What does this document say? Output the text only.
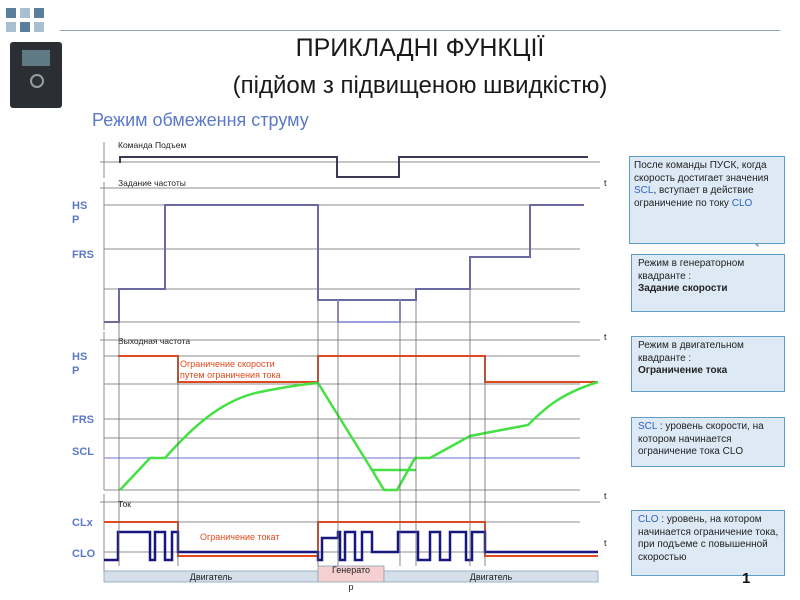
ПРИКЛАДНІ ФУНКЦІЇ
(підйом з підвищеною швидкістю)
Режим обмеження струму
Команда Подъем
Задание частоты	t
HS
P
FRS
Выходная частота	t
HS
P
FRS
SCL
Ограничение скорости
путем ограничения тока
Ток
t
t
CLx
CLO
Ограничение токат
Двигатель
Генерато
р
Двигатель
После команды ПУСК, когда скорость достигает значения SCL, вступает в действие ограничение по току CLO
Режим в генераторном
квадранте :
Задание скорости
Режим в двигательном
квадранте :
Ограничение тока
SCL : уровень скорости, на котором начинается ограничение тока CLO
CLO : уровень, на котором начинается ограничение тока, при подъеме с повышенной скоростью
1
